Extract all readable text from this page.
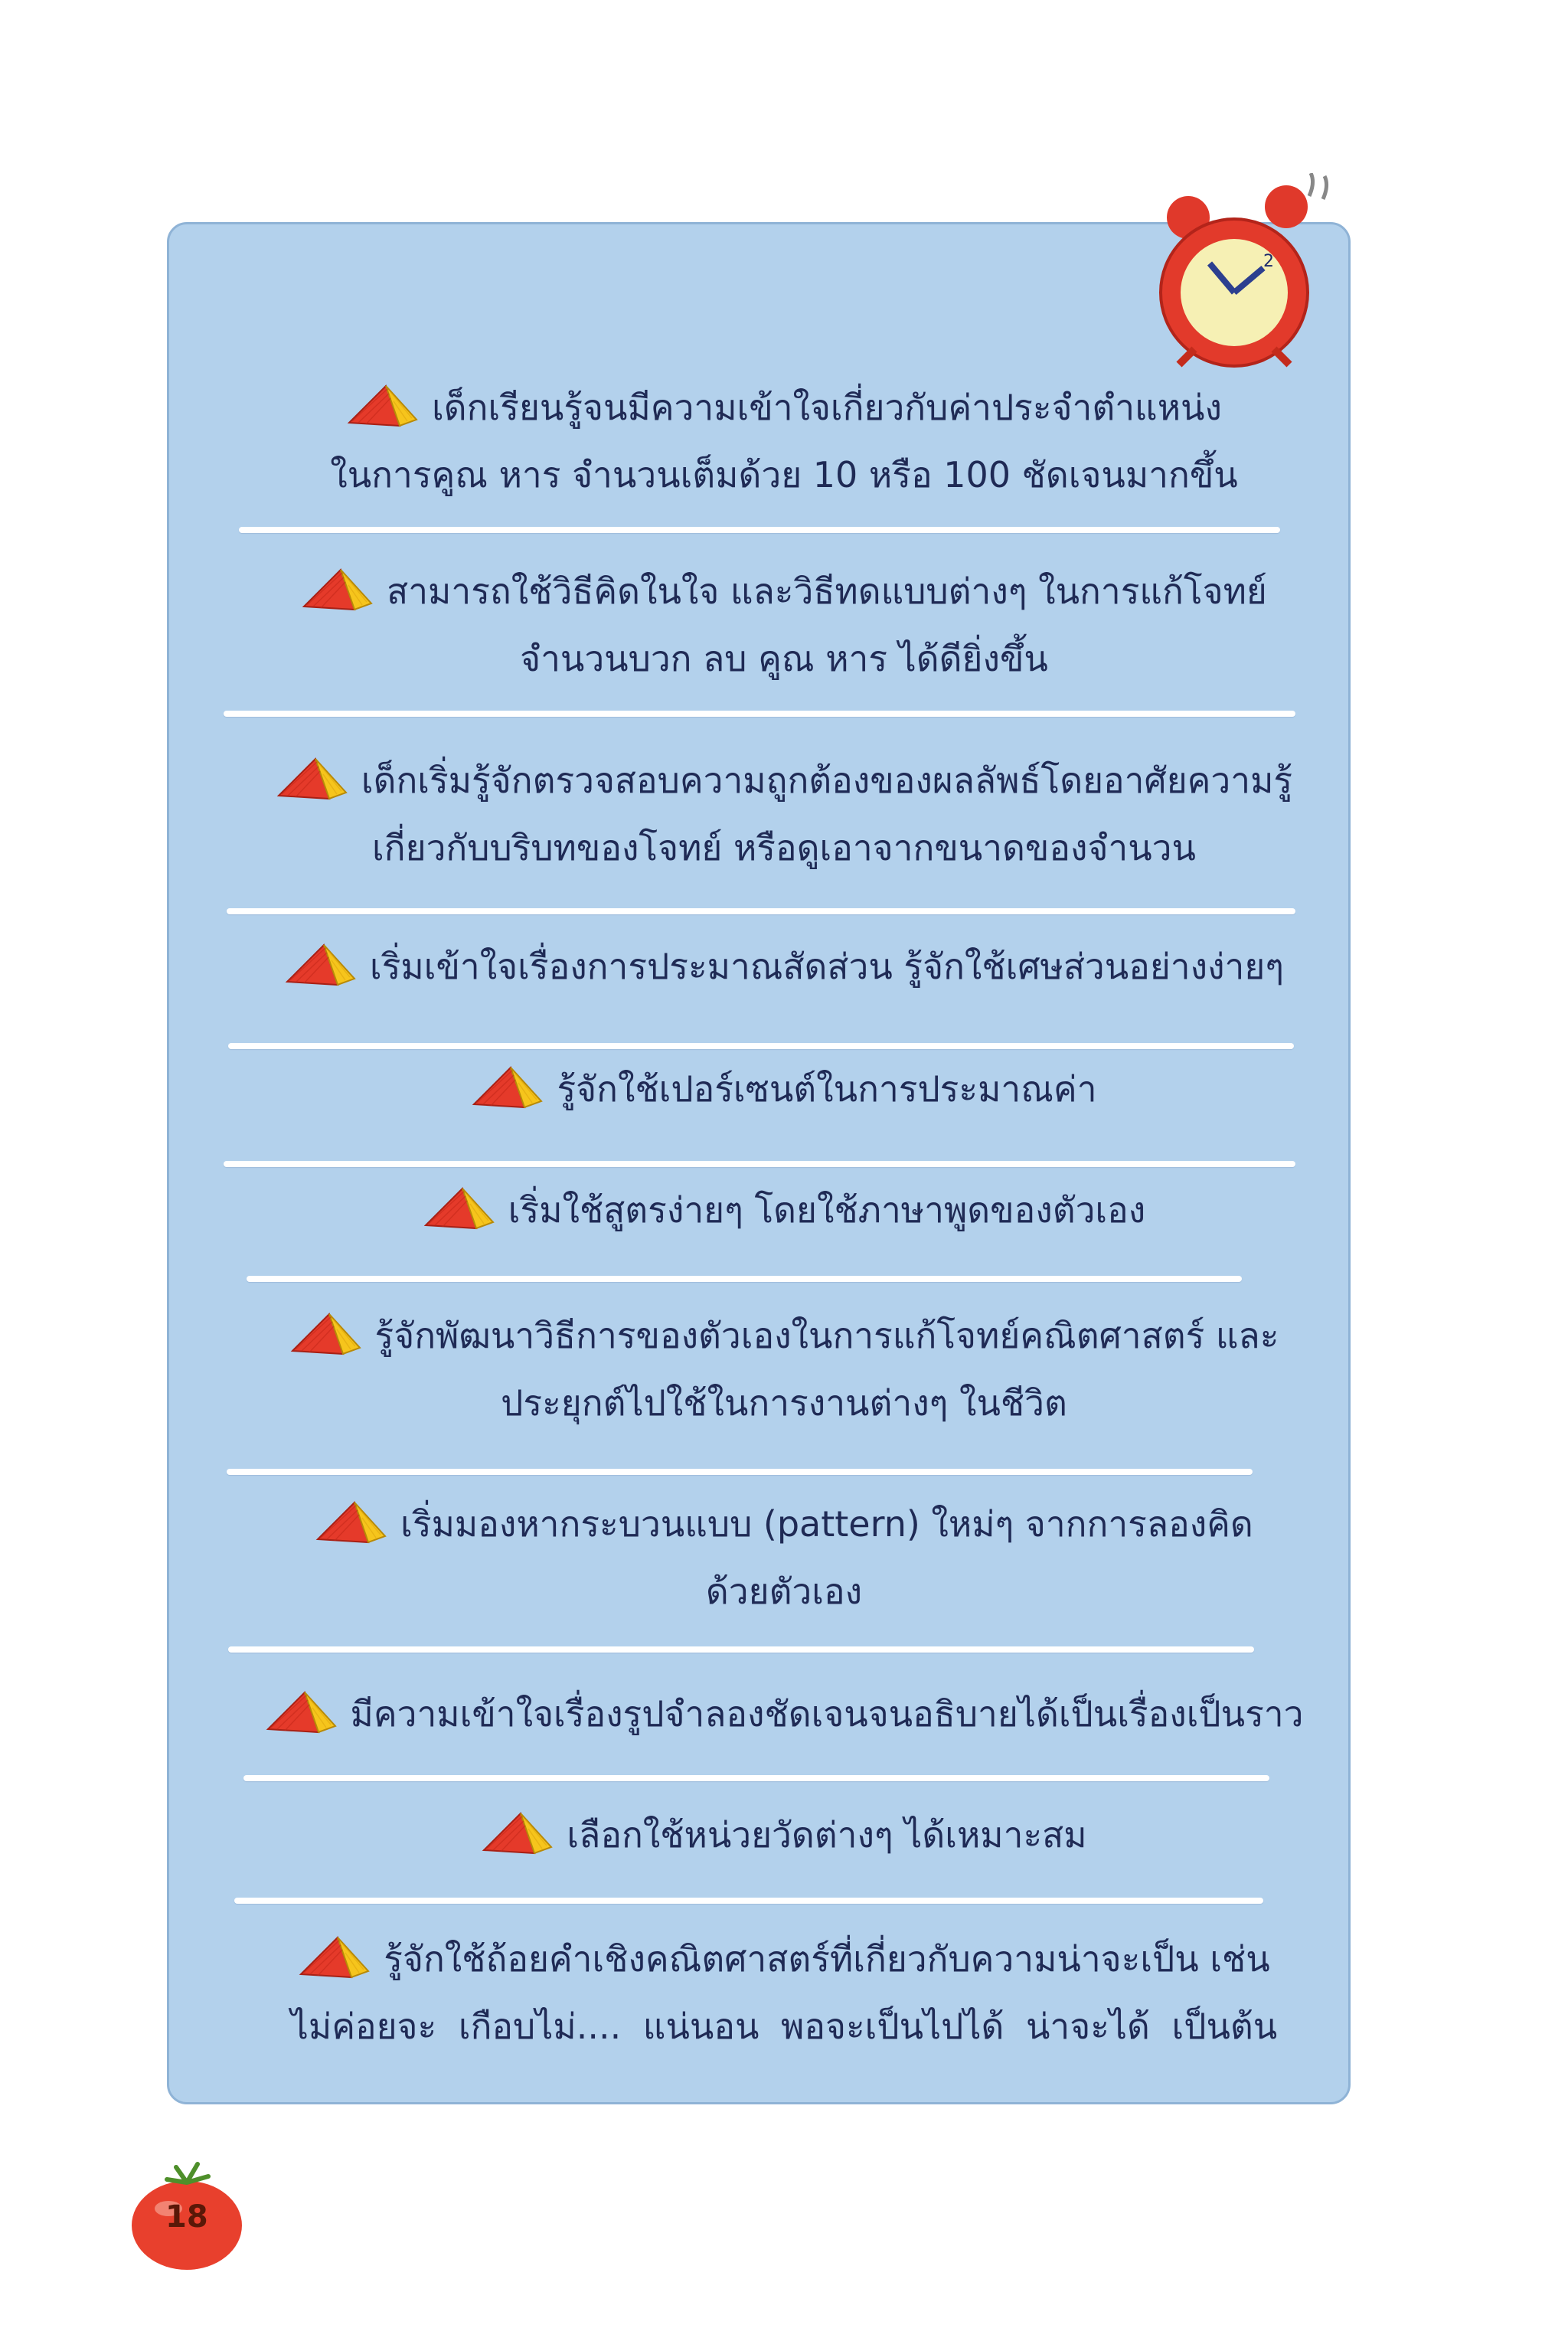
2
เด็กเรียนรู้จนมีความเข้าใจเกี่ยวกับค่าประจำตำแหน่ง
ในการคูณ หาร จำนวนเต็มด้วย 10 หรือ 100 ชัดเจนมากขึ้น
สามารถใช้วิธีคิดในใจ และวิธีทดแบบต่างๆ ในการแก้โจทย์
จำนวนบวก ลบ คูณ หาร ได้ดียิ่งขึ้น
เด็กเริ่มรู้จักตรวจสอบความถูกต้องของผลลัพธ์โดยอาศัยความรู้
เกี่ยวกับบริบทของโจทย์ หรือดูเอาจากขนาดของจำนวน
เริ่มเข้าใจเรื่องการประมาณสัดส่วน รู้จักใช้เศษส่วนอย่างง่ายๆ
รู้จักใช้เปอร์เซนต์ในการประมาณค่า
เริ่มใช้สูตรง่ายๆ โดยใช้ภาษาพูดของตัวเอง
รู้จักพัฒนาวิธีการของตัวเองในการแก้โจทย์คณิตศาสตร์ และ
ประยุกต์ไปใช้ในการงานต่างๆ ในชีวิต
เริ่มมองหากระบวนแบบ (pattern) ใหม่ๆ จากการลองคิด
ด้วยตัวเอง
มีความเข้าใจเรื่องรูปจำลองชัดเจนจนอธิบายได้เป็นเรื่องเป็นราว
เลือกใช้หน่วยวัดต่างๆ ได้เหมาะสม
รู้จักใช้ถ้อยคำเชิงคณิตศาสตร์ที่เกี่ยวกับความน่าจะเป็น เช่น
ไม่ค่อยจะ เกือบไม่.... แน่นอน พอจะเป็นไปได้ น่าจะได้ เป็นต้น
18
